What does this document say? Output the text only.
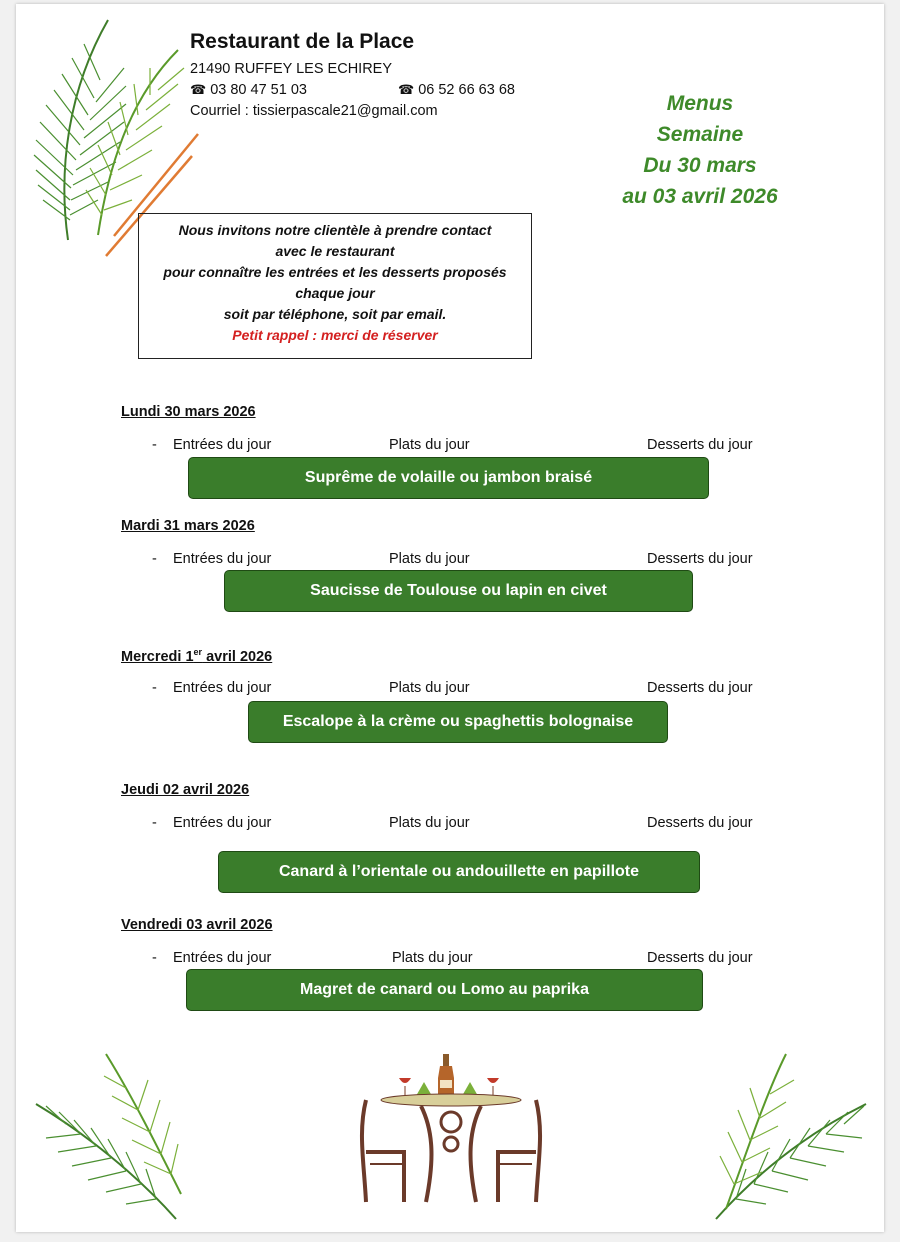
Restaurant de la Place
21490 RUFFEY LES ECHIREY
☎ 03 80 47 51 03	☎ 06 52 66 63 68
Courriel : tissierpascale21@gmail.com	Menus
Semaine
Du 30 mars
au 03 avril 2026
Nous invitons notre clientèle à prendre contact
avec le restaurant
pour connaître les entrées et les desserts proposés
chaque jour
soit par téléphone, soit par email.
Petit rappel : merci de réserver
Lundi 30 mars 2026
- Entrées du jour	Plats du jour	Desserts du jour
Suprême de volaille ou jambon braisé
Mardi 31 mars 2026
- Entrées du jour	Plats du jour	Desserts du jour
Saucisse de Toulouse ou lapin en civet
Mercredi 1er avril 2026
- Entrées du jour	Plats du jour	Desserts du jour
Escalope à la crème ou spaghettis bolognaise
Jeudi 02 avril 2026
- Entrées du jour	Plats du jour	Desserts du jour
Canard à l’orientale ou andouillette en papillote
Vendredi 03 avril 2026
- Entrées du jour	Plats du jour	Desserts du jour
Magret de canard ou Lomo au paprika
